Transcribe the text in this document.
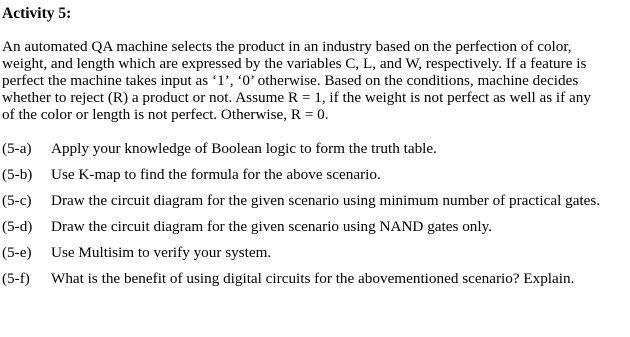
Activity 5:

An automated QA machine selects the product in an industry based on the perfection of color,
weight, and length which are expressed by the variables C, L, and W, respectively. If a feature is
perfect the machine takes input as ‘1’, ‘0’ otherwise. Based on the conditions, machine decides
whether to reject (R) a product or not. Assume R = 1, if the weight is not perfect as well as if any
of the color or length is not perfect. Otherwise, R = 0.

(5-a) Apply your knowledge of Boolean logic to form the truth table.
(5-b) Use K-map to find the formula for the above scenario.
(5-c) Draw the circuit diagram for the given scenario using minimum number of practical gates.
(5-d) Draw the circuit diagram for the given scenario using NAND gates only.
(5-e) Use Multisim to verify your system.
(5-f) What is the benefit of using digital circuits for the abovementioned scenario? Explain.
